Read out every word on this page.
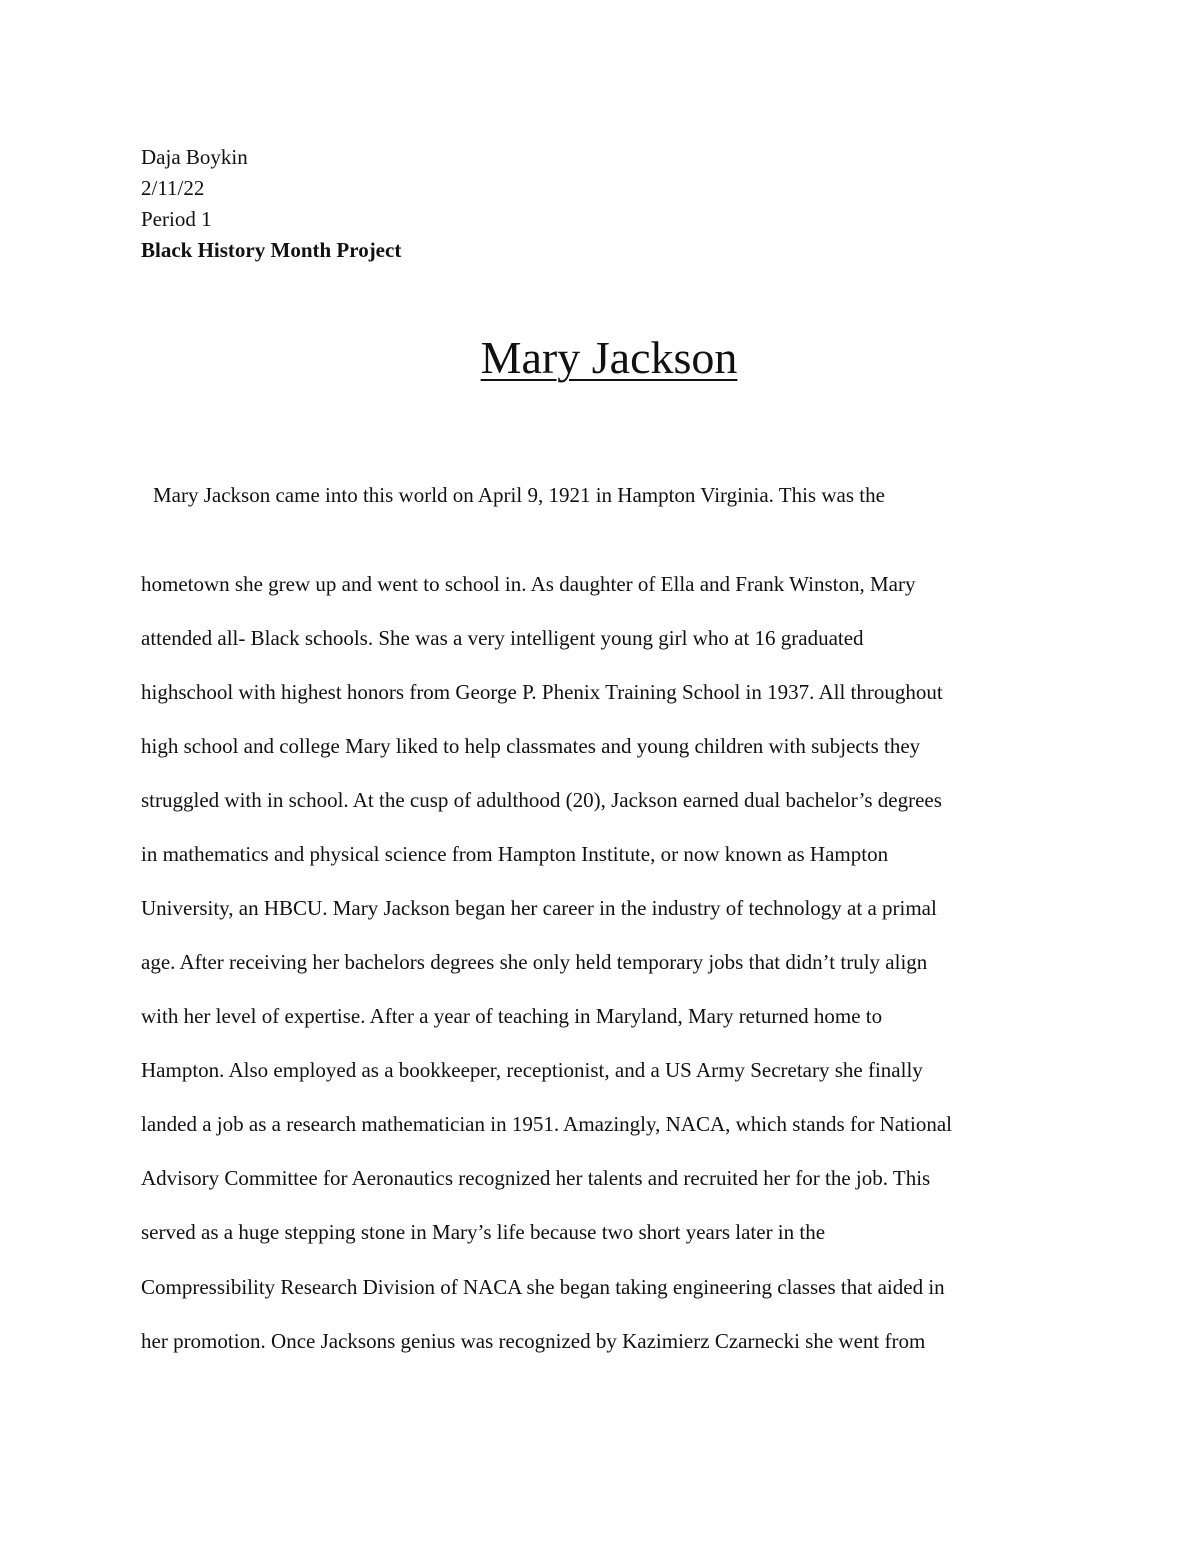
Daja Boykin
2/11/22
Period 1
Black History Month Project
Mary Jackson
Mary Jackson came into this world on April 9, 1921 in Hampton Virginia. This was the
hometown she grew up and went to school in. As daughter of Ella and Frank Winston, Mary
attended all- Black schools. She was a very intelligent young girl who at 16 graduated
highschool with highest honors from George P. Phenix Training School in 1937. All throughout
high school and college Mary liked to help classmates and young children with subjects they
struggled with in school. At the cusp of adulthood (20), Jackson earned dual bachelor’s degrees
in mathematics and physical science from Hampton Institute, or now known as Hampton
University, an HBCU. Mary Jackson began her career in the industry of technology at a primal
age. After receiving her bachelors degrees she only held temporary jobs that didn’t truly align
with her level of expertise. After a year of teaching in Maryland, Mary returned home to
Hampton. Also employed as a bookkeeper, receptionist, and a US Army Secretary she finally
landed a job as a research mathematician in 1951. Amazingly, NACA, which stands for National
Advisory Committee for Aeronautics recognized her talents and recruited her for the job. This
served as a huge stepping stone in Mary’s life because two short years later in the
Compressibility Research Division of NACA she began taking engineering classes that aided in
her promotion. Once Jacksons genius was recognized by Kazimierz Czarnecki she went from
